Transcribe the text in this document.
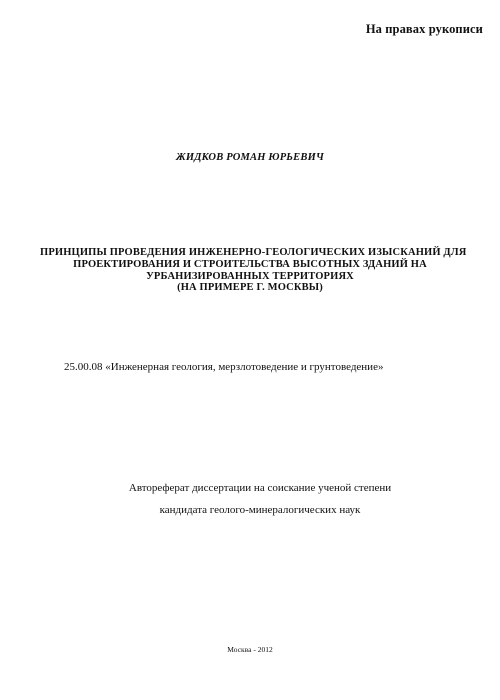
На правах рукописи
ЖИДКОВ РОМАН ЮРЬЕВИЧ
ПРИНЦИПЫ ПРОВЕДЕНИЯ ИНЖЕНЕРНО-ГЕОЛОГИЧЕСКИХ ИЗЫСКАНИЙ ДЛЯ
ПРОЕКТИРОВАНИЯ И СТРОИТЕЛЬСТВА ВЫСОТНЫХ ЗДАНИЙ НА
УРБАНИЗИРОВАННЫХ ТЕРРИТОРИЯХ
(НА ПРИМЕРЕ Г. МОСКВЫ)
25.00.08 «Инженерная геология, мерзлотоведение и грунтоведение»
Автореферат диссертации на соискание ученой степени
кандидата геолого-минералогических наук
Москва - 2012
